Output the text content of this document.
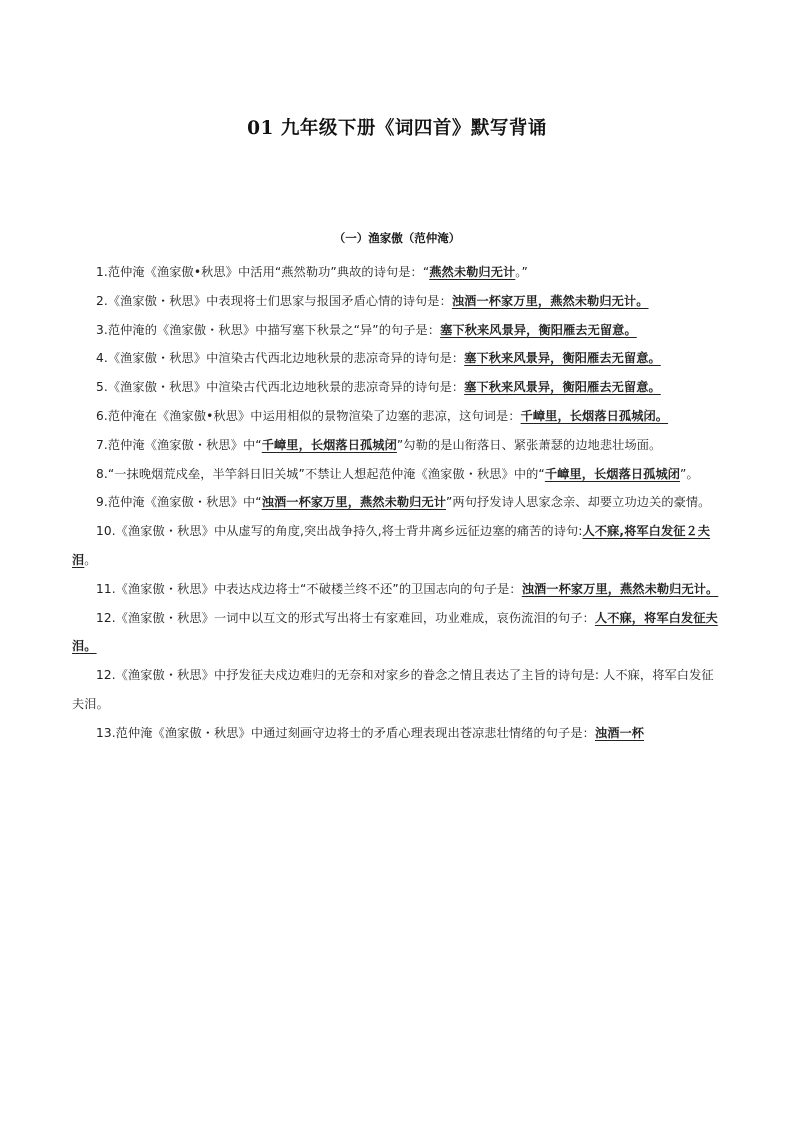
01 九年级下册《词四首》默写背诵
（一）渔家傲（范仲淹）

1.范仲淹《渔家傲•秋思》中活用“燕然勒功”典故的诗句是：“燕然未勒归无计。”

2.《渔家傲・秋思》中表现将士们思家与报国矛盾心情的诗句是：浊酒一杯家万里，燕然未勒归无计。

3.范仲淹的《渔家傲・秋思》中描写塞下秋景之“异”的句子是：塞下秋来风景异，衡阳雁去无留意。

4.《渔家傲・秋思》中渲染古代西北边地秋景的悲凉奇异的诗句是：塞下秋来风景异，衡阳雁去无留意。

5.《渔家傲・秋思》中渲染古代西北边地秋景的悲凉奇异的诗句是：塞下秋来风景异，衡阳雁去无留意。

6.范仲淹在《渔家傲•秋思》中运用相似的景物渲染了边塞的悲凉，这句词是：千嶂里，长烟落日孤城闭。

7.范仲淹《渔家傲・秋思》中“千嶂里，长烟落日孤城闭”勾勒的是山衔落日、紧张萧瑟的边地悲壮场面。

8.“一抹晚烟荒戍垒，半竿斜日旧关城”不禁让人想起范仲淹《渔家傲・秋思》中的“千嶂里，长烟落日孤城闭”。

9.范仲淹《渔家傲・秋思》中“浊酒一杯家万里，燕然未勒归无计”两句抒发诗人思家念亲、却要立功边关的豪情。

10.《渔家傲・秋思》中从虚写的角度,突出战争持久,将士背井离乡远征边塞的痛苦的诗句:人不寐,将军白发征２夫泪。

11.《渔家傲・秋思》中表达戍边将士“不破楼兰终不还”的卫国志向的句子是：浊酒一杯家万里，燕然未勒归无计。

12.《渔家傲・秋思》一词中以互文的形式写出将士有家难回，功业难成，哀伤流泪的句子：人不寐，将军白发征夫泪。

12.《渔家傲・秋思》中抒发征夫戍边难归的无奈和对家乡的眷念之情且表达了主旨的诗句是: 人不寐，将军白发征夫泪。

13.范仲淹《渔家傲・秋思》中通过刻画守边将士的矛盾心理表现出苍凉悲壮情绪的句子是：浊酒一杯
